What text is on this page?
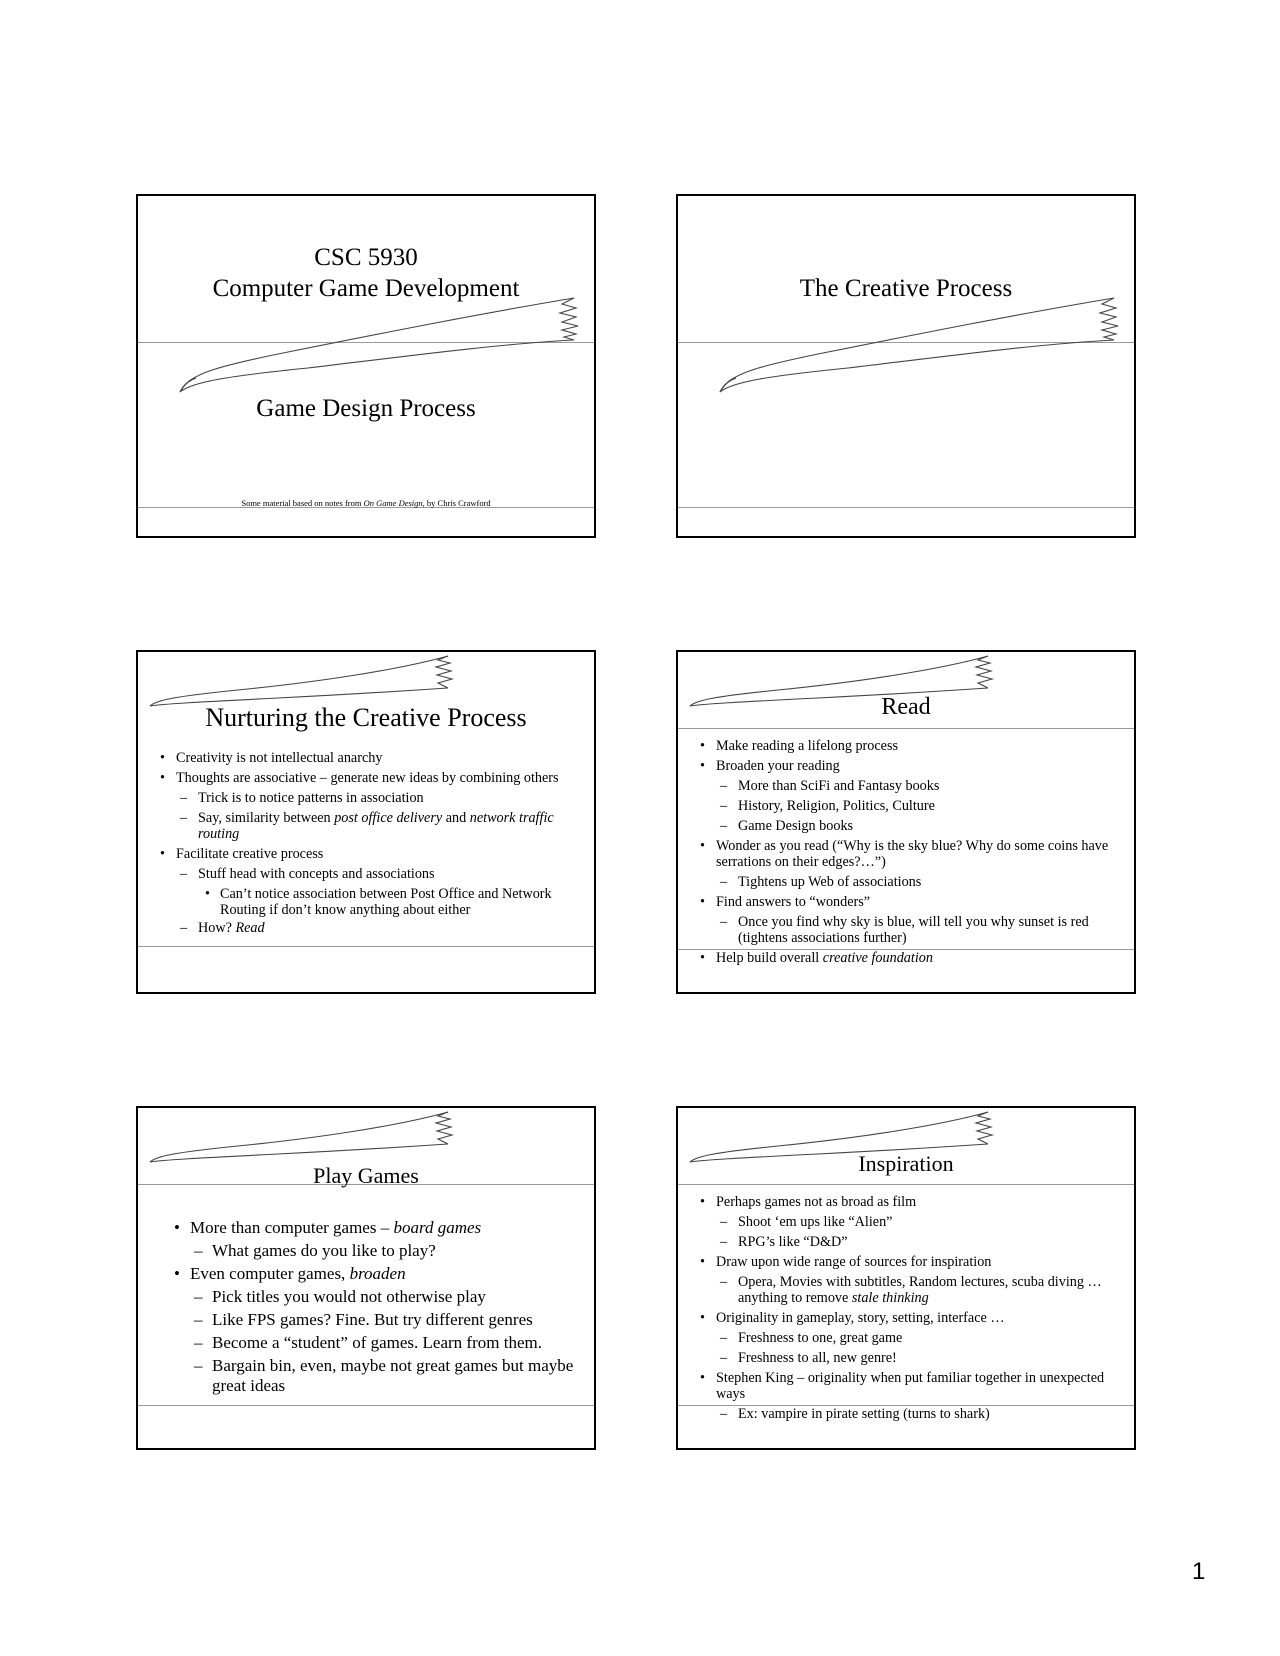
CSC 5930
Computer Game Development
Game Design Process
Some material based on notes from On Game Design, by Chris Crawford
The Creative Process
Nurturing the Creative Process
• Creativity is not intellectual anarchy
• Thoughts are associative – generate new ideas by combining others
– Trick is to notice patterns in association
– Say, similarity between post office delivery and network traffic routing
• Facilitate creative process
– Stuff head with concepts and associations
• Can’t notice association between Post Office and Network Routing if don’t know anything about either
– How? Read
Read
• Make reading a lifelong process
• Broaden your reading
– More than SciFi and Fantasy books
– History, Religion, Politics, Culture
– Game Design books
• Wonder as you read (“Why is the sky blue? Why do some coins have serrations on their edges?…”)
– Tightens up Web of associations
• Find answers to “wonders”
– Once you find why sky is blue, will tell you why sunset is red (tightens associations further)
• Help build overall creative foundation
Play Games
• More than computer games – board games
– What games do you like to play?
• Even computer games, broaden
– Pick titles you would not otherwise play
– Like FPS games? Fine. But try different genres
– Become a “student” of games. Learn from them.
– Bargain bin, even, maybe not great games but maybe great ideas
Inspiration
• Perhaps games not as broad as film
– Shoot ‘em ups like “Alien”
– RPG’s like “D&D”
• Draw upon wide range of sources for inspiration
– Opera, Movies with subtitles, Random lectures, scuba diving … anything to remove stale thinking
• Originality in gameplay, story, setting, interface …
– Freshness to one, great game
– Freshness to all, new genre!
• Stephen King – originality when put familiar together in unexpected ways
– Ex: vampire in pirate setting (turns to shark)
1
